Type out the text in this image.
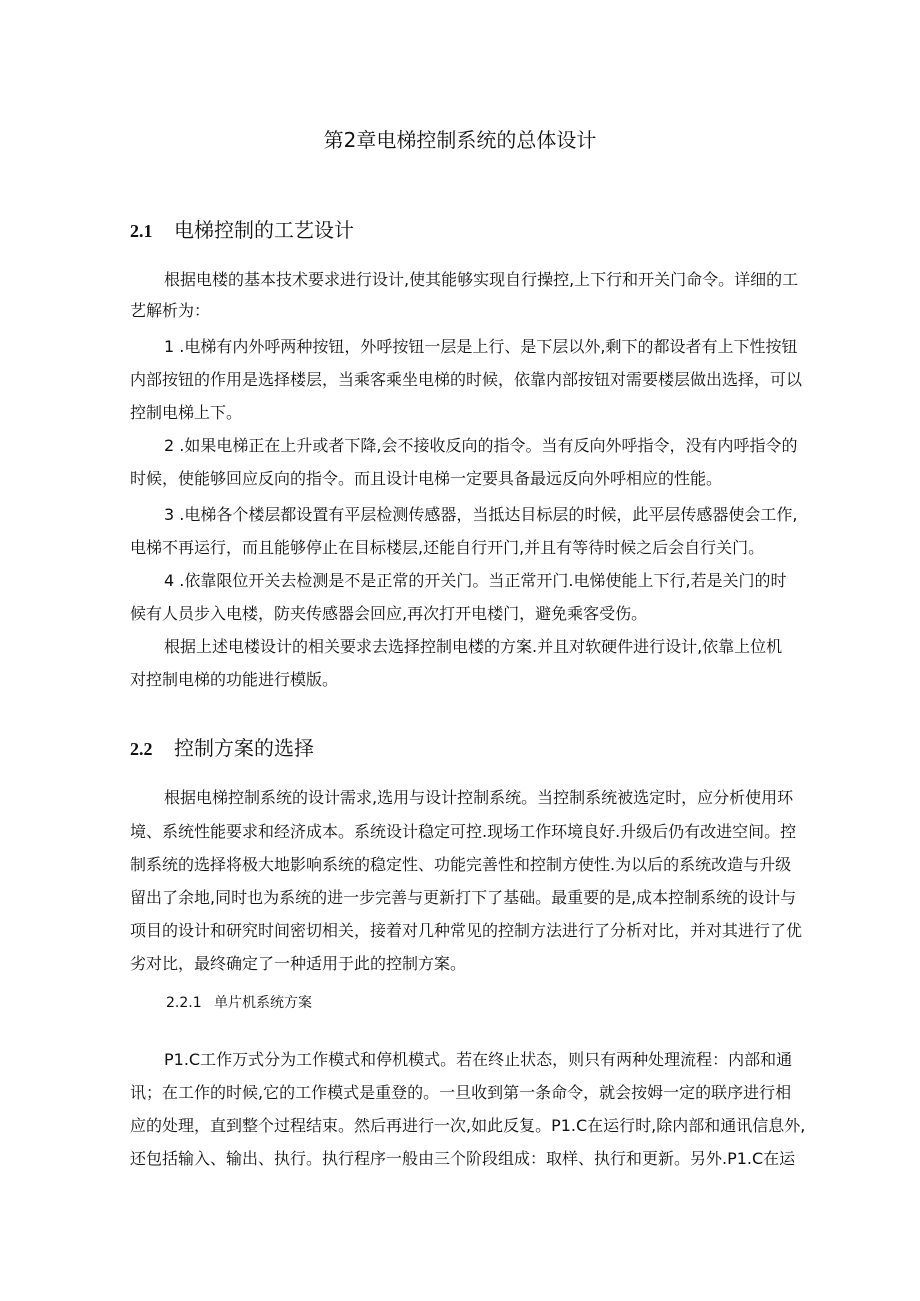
第2章电梯控制系统的总体设计
2.1 电梯控制的工艺设计
根据电楼的基本技术要求进行设计,使其能够实现自行操控,上下行和开关门命令。详细的工
艺解析为：
1 .电梯有内外呼两种按钮，外呼按钮一层是上行、是下层以外,剩下的都设者有上下性按钮
内部按钮的作用是选择楼层，当乘客乘坐电梯的时候，依靠内部按钮对需要楼层做出选择，可以
控制电梯上下。
2 .如果电梯正在上升或者下降,会不接收反向的指令。当有反向外呼指令，没有内呼指令的
时候，使能够回应反向的指令。而且设计电梯一定要具备最远反向外呼相应的性能。
3 .电梯各个楼层都设置有平层检测传感器，当抵达目标层的时候，此平层传感器使会工作,
电梯不再运行，而且能够停止在目标楼层,还能自行开门,并且有等待时候之后会自行关门。
4 .依靠限位开关去检测是不是正常的开关门。当正常开门.电悌使能上下行,若是关门的时
候有人员步入电楼，防夹传感器会回应,再次打开电楼门，避免乘客受伤。
根据上述电楼设计的相关要求去选择控制电楼的方案.并且对软硬件进行设计,依靠上位机
对控制电梯的功能进行模版。
2.2 控制方案的选择
根据电梯控制系统的设计需求,选用与设计控制系统。当控制系统被选定时，应分析使用环
境、系统性能要求和经济成本。系统设计稳定可控.现场工作环境良好.升级后仍有改进空间。控
制系统的选择将极大地影响系统的稳定性、功能完善性和控制方使性.为以后的系统改造与升级
留出了余地,同时也为系统的进一步完善与更新打下了基础。最重要的是,成本控制系统的设计与
项目的设计和研究时间密切相关，接着对几种常见的控制方法进行了分析对比，并对其进行了优
劣对比，最终确定了一种适用于此的控制方案。
2.2.1 单片机系统方案
P1.C工作万式分为工作模式和停机模式。若在终止状态，则只有两种处理流程：内部和通
讯；在工作的时候,它的工作模式是重登的。一旦收到第一条命令，就会按姆一定的联序进行相
应的处理，直到整个过程结束。然后再进行一次,如此反复。P1.C在运行时,除内部和通讯信息外,
还包括输入、输出、执行。执行程序一般由三个阶段组成：取样、执行和更新。另外.P1.C在运
